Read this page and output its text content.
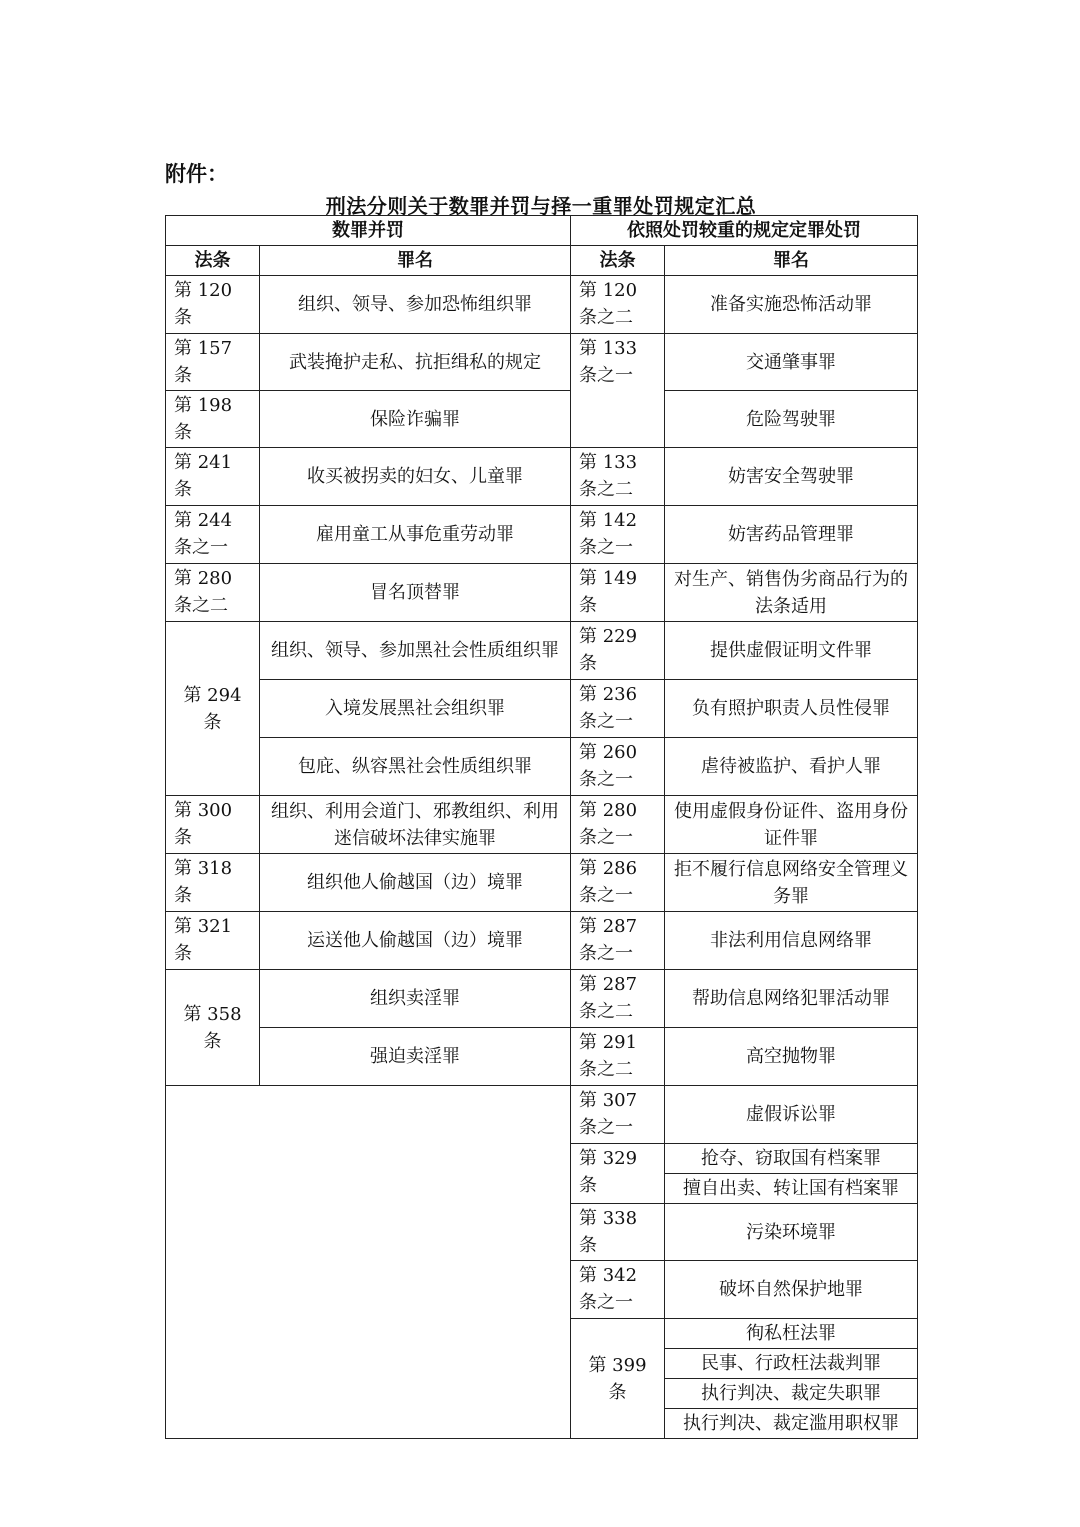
附件：

刑法分则关于数罪并罚与择一重罪处罚规定汇总
数罪并罚		依照处罚较重的规定定罪处罚	
法条	罪名	法条	罪名
第 120 条	组织、领导、参加恐怖组织罪	第 120 条之二	准备实施恐怖活动罪
第 157 条	武装掩护走私、抗拒缉私的规定	第 133 条之一	交通肇事罪
第 198 条	保险诈骗罪		危险驾驶罪
第 241 条	收买被拐卖的妇女、儿童罪	第 133 条之二	妨害安全驾驶罪
第 244 条之一	雇用童工从事危重劳动罪	第 142 条之一	妨害药品管理罪
第 280 条之二	冒名顶替罪	第 149 条	对生产、销售伪劣商品行为的法条适用
第 294 条	组织、领导、参加黑社会性质组织罪	第 229 条	提供虚假证明文件罪
	入境发展黑社会组织罪	第 236 条之一	负有照护职责人员性侵罪
	包庇、纵容黑社会性质组织罪	第 260 条之一	虐待被监护、看护人罪
第 300 条	组织、利用会道门、邪教组织、利用迷信破坏法律实施罪	第 280 条之一	使用虚假身份证件、盗用身份证件罪
第 318 条	组织他人偷越国（边）境罪	第 286 条之一	拒不履行信息网络安全管理义务罪
第 321 条	运送他人偷越国（边）境罪	第 287 条之一	非法利用信息网络罪
第 358 条	组织卖淫罪	第 287 条之二	帮助信息网络犯罪活动罪
	强迫卖淫罪	第 291 条之二	高空抛物罪
		第 307 条之一	虚假诉讼罪
		第 329 条	抢夺、窃取国有档案罪
			擅自出卖、转让国有档案罪
		第 338 条	污染环境罪
		第 342 条之一	破坏自然保护地罪
		第 399 条	徇私枉法罪
			民事、行政枉法裁判罪
			执行判决、裁定失职罪
			执行判决、裁定滥用职权罪
